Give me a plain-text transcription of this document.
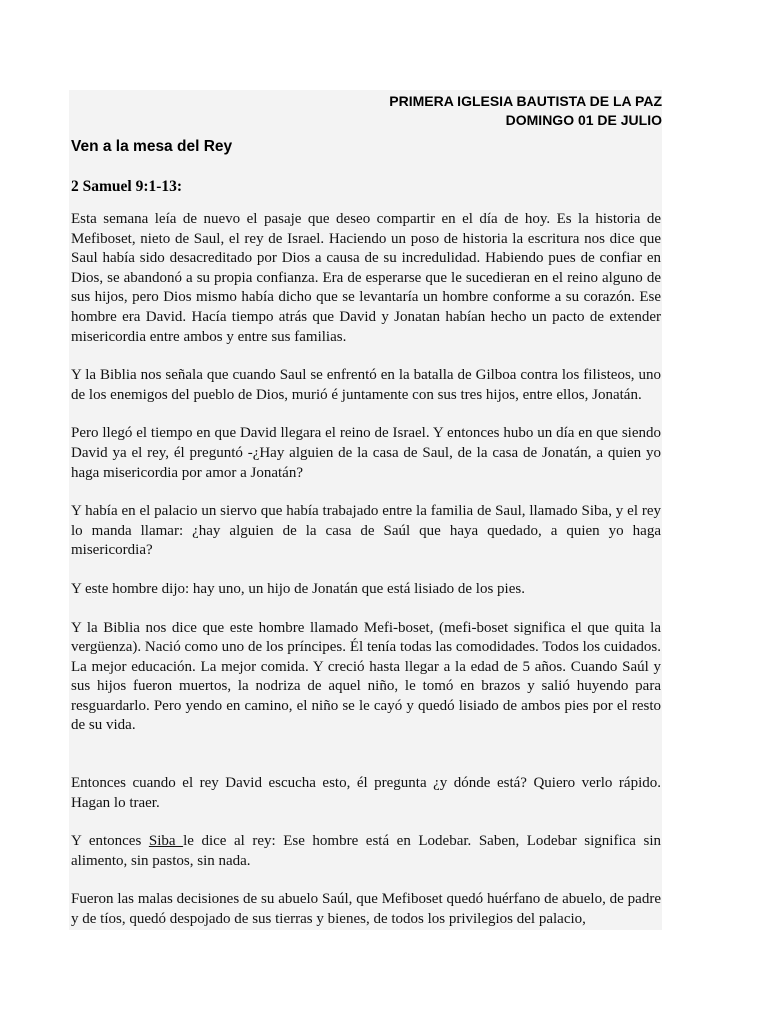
PRIMERA IGLESIA BAUTISTA DE LA PAZ
DOMINGO 01 DE JULIO
Ven a la mesa del Rey
2 Samuel 9:1-13:

Esta semana leía de nuevo el pasaje que deseo compartir en el día de hoy. Es la historia de Mefiboset, nieto de Saul, el rey de Israel. Haciendo un poso de historia la escritura nos dice que Saul había sido desacreditado por Dios a causa de su incredulidad. Habiendo pues de confiar en Dios, se abandonó a su propia confianza. Era de esperarse que le sucedieran en el reino alguno de sus hijos, pero Dios mismo había dicho que se levantaría un hombre conforme a su corazón. Ese hombre era David. Hacía tiempo atrás que David y Jonatan habían hecho un pacto de extender misericordia entre ambos y entre sus familias.

Y la Biblia nos señala que cuando Saul se enfrentó en la batalla de Gilboa contra los filisteos, uno de los enemigos del pueblo de Dios, murió é juntamente con sus tres hijos, entre ellos, Jonatán.

Pero llegó el tiempo en que David llegara el reino de Israel. Y entonces hubo un día en que siendo David ya el rey, él preguntó -¿Hay alguien de la casa de Saul, de la casa de Jonatán, a quien yo haga misericordia por amor a Jonatán?

Y había en el palacio un siervo que había trabajado entre la familia de Saul, llamado Siba, y el rey lo manda llamar: ¿hay alguien de la casa de Saúl que haya quedado, a quien yo haga misericordia?

Y este hombre dijo: hay uno, un hijo de Jonatán que está lisiado de los pies.

Y la Biblia nos dice que este hombre llamado Mefi-boset, (mefi-boset significa el que quita la vergüenza). Nació como uno de los príncipes. Él tenía todas las comodidades. Todos los cuidados. La mejor educación. La mejor comida. Y creció hasta llegar a la edad de 5 años. Cuando Saúl y sus hijos fueron muertos, la nodriza de aquel niño, le tomó en brazos y salió huyendo para resguardarlo. Pero yendo en camino, el niño se le cayó y quedó lisiado de ambos pies por el resto de su vida.

Entonces cuando el rey David escucha esto, él pregunta ¿y dónde está? Quiero verlo rápido. Hagan lo traer.

Y entonces Siba le dice al rey: Ese hombre está en Lodebar. Saben, Lodebar significa sin alimento, sin pastos, sin nada.

Fueron las malas decisiones de su abuelo Saúl, que Mefiboset quedó huérfano de abuelo, de padre y de tíos, quedó despojado de sus tierras y bienes, de todos los privilegios del palacio,
